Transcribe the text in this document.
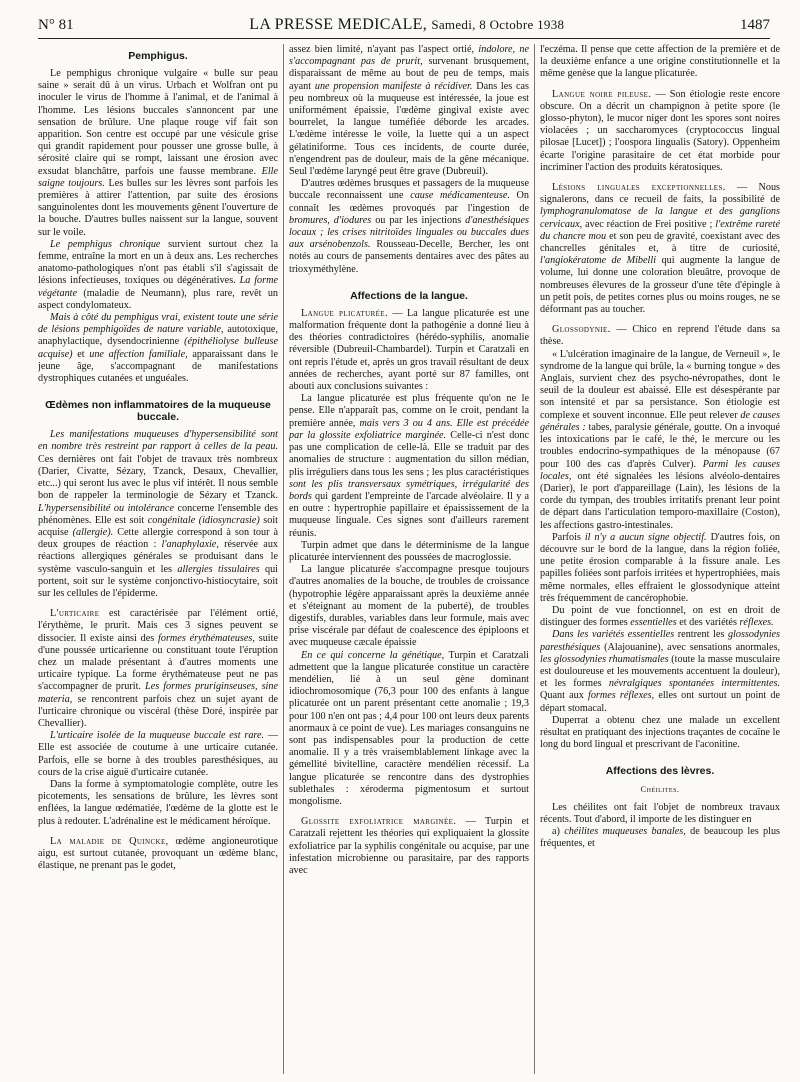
N° 81	LA PRESSE MEDICALE, Samedi, 8 Octobre 1938	1487
Pemphigus.

Le pemphigus chronique vulgaire « bulle sur peau saine » serait dû à un virus. Urbach et Wolfran ont pu inoculer le virus de l'homme à l'animal, et de l'animal à l'homme. Les lésions buccales s'annoncent par une sensation de brûlure. Une plaque rouge vif fait son apparition. Son centre est occupé par une vésicule grise qui grandit rapidement pour pousser une grosse bulle, à sérosité claire qui se rompt, laissant une érosion avec exsudat blanchâtre, parfois une fausse membrane. Elle saigne toujours. Les bulles sur les lèvres sont parfois les premières à attirer l'attention, par suite des érosions sanguinolentes dont les mouvements gênent l'ouverture de la bouche. D'autres bulles naissent sur la langue, souvent sur le voile.

Le pemphigus chronique survient surtout chez la femme, entraîne la mort en un à deux ans. Les recherches anatomo-pathologiques n'ont pas établi s'il s'agissait de lésions infectieuses, toxiques ou dégénératives. La forme végétante (maladie de Neumann), plus rare, revêt un aspect condylomateux.

Mais à côté du pemphigus vrai, existent toute une série de lésions pemphigoïdes de nature variable, autotoxique, anaphylactique, dysendocrinienne (épithéliolyse bulleuse acquise) et une affection familiale, apparaissant dans le jeune âge, s'accompagnant de manifestations dystrophiques cutanées et unguéales.

Œdèmes non inflammatoires de la muqueuse buccale.

Les manifestations muqueuses d'hypersensibilité sont en nombre très restreint par rapport à celles de la peau. Ces dernières ont fait l'objet de travaux très nombreux (Darier, Civatte, Sézary, Tzanck, Desaux, Chevallier, etc...) qui seront lus avec le plus vif intérêt. Il nous semble bon de rappeler la terminologie de Sézary et Tzanck. L'hypersensibilité ou intolérance concerne l'ensemble des phénomènes. Elle est soit congénitale (idiosyncrasie) soit acquise (allergie). Cette allergie correspond à son tour à deux groupes de réaction : l'anaphylaxie, réservée aux réactions allergiques générales se produisant dans le système vasculo-sanguin et les allergies tissulaires qui portent, soit sur le système conjonctivo-histiocytaire, soit sur les cellules de l'épiderme.

L'urticaire est caractérisée par l'élément ortié, l'érythème, le prurit. Mais ces 3 signes peuvent se dissocier. Il existe ainsi des formes érythémateuses, suite d'une poussée urticarienne ou constituant toute l'éruption chez un malade présentant à d'autres moments une urticaire typique. La forme érythémateuse peut ne pas s'accompagner de prurit. Les formes pruriginseuses, sine materia, se rencontrent parfois chez un sujet ayant de l'urticaire chronique ou viscéral (thèse Doré, inspirée par Chevallier).

L'urticaire isolée de la muqueuse buccale est rare. — Elle est associée de coutume à une urticaire cutanée. Parfois, elle se borne à des troubles paresthésiques, au cours de la crise aiguë d'urticaire cutanée.

Dans la forme à symptomatologie complète, outre les picotements, les sensations de brûlure, les lèvres sont enflées, la langue œdématiée, l'œdème de la glotte est le plus à redouter. L'adrénaline est le médicament héroïque.

La maladie de Quincke, œdème angioneurotique aigu, est surtout cutanée, provoquant un œdème blanc, élastique, ne prenant pas le godet,

assez bien limité, n'ayant pas l'aspect ortié, indolore, ne s'accompagnant pas de prurit, survenant brusquement, disparaissant de même au bout de peu de temps, mais ayant une propension manifeste à récidiver. Dans les cas peu nombreux où la muqueuse est intéressée, la joue est uniformément épaissie, l'œdème gingival existe avec bourrelet, la langue tuméfiée déborde les arcades. L'œdème intéresse le voile, la luette qui a un aspect gélatiniforme. Tous ces incidents, de courte durée, n'engendrent pas de douleur, mais de la gêne mécanique. Seul l'œdème laryngé peut être grave (Dubreuil).

D'autres œdèmes brusques et passagers de la muqueuse buccale reconnaissent une cause médicamenteuse. On connaît les œdèmes provoqués par l'ingestion de bromures, d'iodures ou par les injections d'anesthésiques locaux ; les crises nitritoïdes linguales ou buccales dues aux arsénobenzols. Rousseau-Decelle, Bercher, les ont notés au cours de pansements dentaires avec des pâtes au trioxyméthylène.

Affections de la langue.

Langue plicaturée. — La langue plicaturée est une malformation fréquente dont la pathogénie a donné lieu à des théories contradictoires (hérédo-syphilis, anomalie réversible (Dubreuil-Chambardel). Turpin et Caratzali en ont repris l'étude et, après un gros travail résultant de deux années de recherches, ayant porté sur 87 familles, ont abouti aux conclusions suivantes :

La langue plicaturée est plus fréquente qu'on ne le pense. Elle n'apparaît pas, comme on le croit, pendant la première année, mais vers 3 ou 4 ans. Elle est précédée par la glossite exfoliatrice marginée. Celle-ci n'est donc pas une complication de celle-là. Elle se traduit par des anomalies de structure : augmentation du sillon médian, plis irréguliers dans tous les sens ; les plus caractéristiques sont les plis transversaux symétriques, irrégularité des bords qui gardent l'empreinte de l'arcade alvéolaire. Il y a en outre : hypertrophie papillaire et épaississement de la muqueuse linguale. Ces signes sont d'ailleurs rarement réunis.

Turpin admet que dans le déterminisme de la langue plicaturée interviennent des poussées de macroglossie.

La langue plicaturée s'accompagne presque toujours d'autres anomalies de la bouche, de troubles de croissance (hypotrophie légère apparaissant après la deuxième année et s'éteignant au moment de la puberté), de troubles digestifs, durables, variables dans leur formule, mais avec prise viscérale par défaut de coalescence des épiploons et avec muqueuse cæcale épaissie

En ce qui concerne la génétique, Turpin et Caratzali admettent que la langue plicaturée constitue un caractère mendélien, lié à un seul gène dominant idiochromosomique (76,3 pour 100 des enfants à langue plicaturée ont un parent présentant cette anomalie ; 19,3 pour 100 n'en ont pas ; 4,4 pour 100 ont leurs deux parents anormaux à ce point de vue). Les mariages consanguins ne sont pas indispensables pour la production de cette anomalie. Il y a très vraisemblablement linkage avec la gémellité bivitelline, caractère mendélien récessif. La langue plicaturée se rencontre dans des dystrophies sublethales : xéroderma pigmentosum et surtout mongolisme.

Glossite exfoliatrice marginée. — Turpin et Caratzali rejettent les théories qui expliquaient la glossite exfoliatrice par la syphilis congénitale ou acquise, par une infestation microbienne ou parasitaire, par des rapports avec

l'eczéma. Il pense que cette affection de la première et de la deuxième enfance a une origine constitutionnelle et la même genèse que la langue plicaturée.

Langue noire pileuse. — Son étiologie reste encore obscure. On a décrit un champignon à petite spore (le glosso-phyton), le mucor niger dont les spores sont noires violacées ; un saccharomyces (cryptococcus lingual pilosae [Lucet]) ; l'oospora lingualis (Satory). Oppenheim écarte l'origine parasitaire de cet état morbide pour incriminer l'action des produits kératosiques.

Lésions linguales exceptionnelles. — Nous signalerons, dans ce recueil de faits, la possibilité de lymphogranulomatose de la langue et des ganglions cervicaux, avec réaction de Frei positive ; l'extrême rareté du chancre mou et son peu de gravité, coexistant avec des chancrelles génitales et, à titre de curiosité, l'angiokératome de Mibelli qui augmente la langue de volume, lui donne une coloration bleuâtre, provoque de nombreuses élevures de la grosseur d'une tête d'épingle à un petit pois, de petites cornes plus ou moins rouges, ne se déformant pas au toucher.

Glossodynie. — Chico en reprend l'étude dans sa thèse.

« L'ulcération imaginaire de la langue, de Verneuil », le syndrome de la langue qui brûle, la « burning tongue » des Anglais, survient chez des psycho-névropathes, dont le seuil de la douleur est abaissé. Elle est désespérante par son intensité et par sa persistance. Son étiologie est complexe et souvent inconnue. Elle peut relever de causes générales : tabes, paralysie générale, goutte. On a invoqué les intoxications par le café, le thé, le mercure ou les troubles endocrino-sympathiques de la ménopause (67 pour 100 des cas d'après Culver). Parmi les causes locales, ont été signalées les lésions alvéolo-dentaires (Darier), le port d'appareillage (Lain), les lésions de la corde du tympan, des troubles irritatifs prenant leur point de départ dans l'articulation temporo-maxillaire (Coston), les affections gastro-intestinales.

Parfois il n'y a aucun signe objectif. D'autres fois, on découvre sur le bord de la langue, dans la région foliée, une petite érosion comparable à la fissure anale. Les papilles foliées sont parfois irritées et hypertrophiées, mais même normales, elles effraient le glossodynique atteint très fréquemment de cancérophobie.

Du point de vue fonctionnel, on est en droit de distinguer des formes essentielles et des variétés réflexes.

Dans les variétés essentielles rentrent les glossodynies paresthésiques (Alajouanine), avec sensations anormales, les glossodynies rhumatismales (toute la masse musculaire est douloureuse et les mouvements accentuent la douleur), et les formes névralgiques spontanées intermittentes. Quant aux formes réflexes, elles ont surtout un point de départ stomacal.

Duperrat a obtenu chez une malade un excellent résultat en pratiquant des injections traçantes de cocaïne le long du bord lingual et prescrivant de l'aconitine.

Affections des lèvres.
Chéilites.

Les chéilites ont fait l'objet de nombreux travaux récents. Tout d'abord, il importe de les distinguer en

a) chéilites muqueuses banales, de beaucoup les plus fréquentes, et
